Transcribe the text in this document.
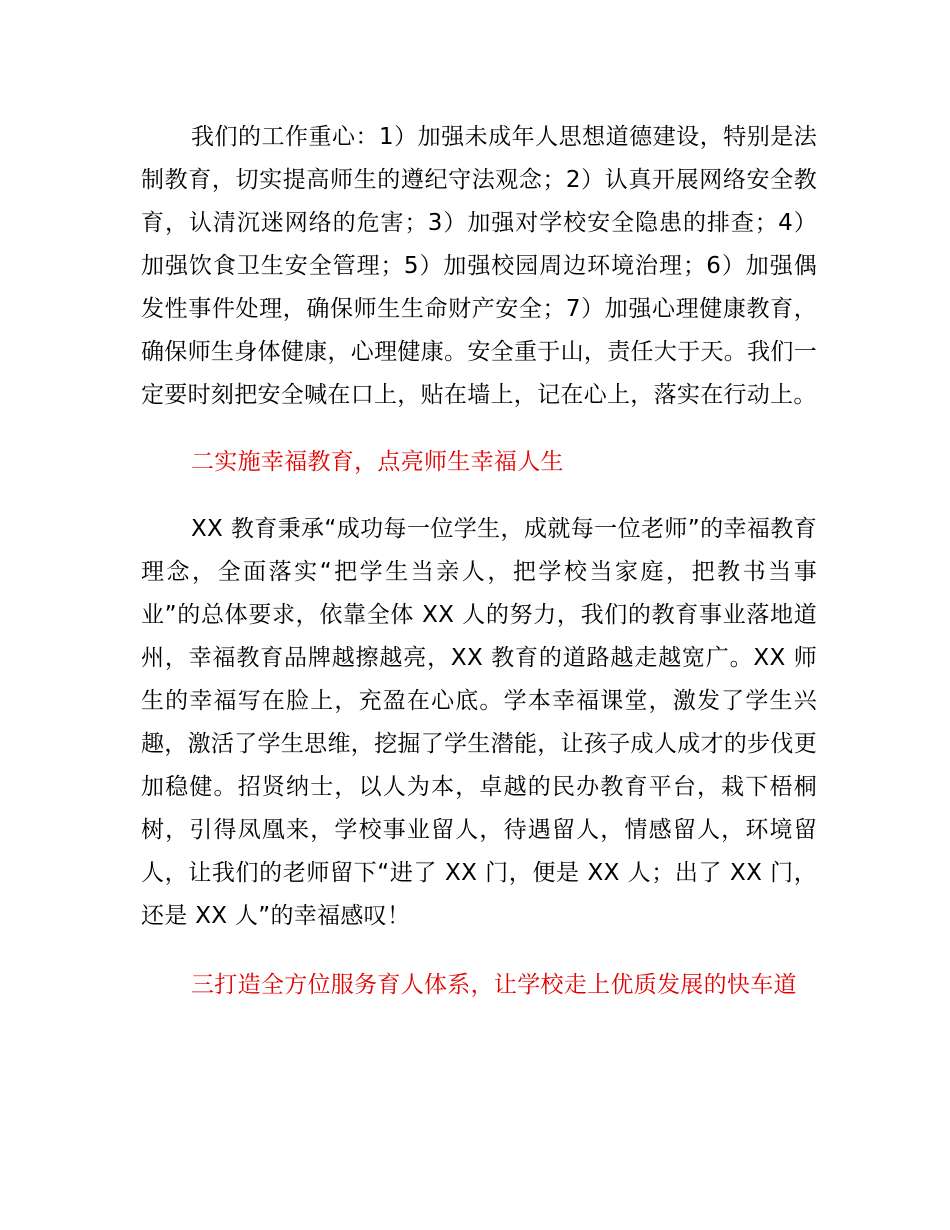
我们的工作重心：1）加强未成年人思想道德建设，特别是法制教育，切实提高师生的遵纪守法观念；2）认真开展网络安全教育，认清沉迷网络的危害；3）加强对学校安全隐患的排查；4）加强饮食卫生安全管理；5）加强校园周边环境治理；6）加强偶发性事件处理，确保师生生命财产安全；7）加强心理健康教育，确保师生身体健康，心理健康。安全重于山，责任大于天。我们一定要时刻把安全喊在口上，贴在墙上，记在心上，落实在行动上。

二实施幸福教育，点亮师生幸福人生

XX 教育秉承“成功每一位学生，成就每一位老师”的幸福教育理念，全面落实“把学生当亲人，把学校当家庭，把教书当事业”的总体要求，依靠全体 XX 人的努力，我们的教育事业落地道州，幸福教育品牌越擦越亮，XX 教育的道路越走越宽广。XX 师生的幸福写在脸上，充盈在心底。学本幸福课堂，激发了学生兴趣，激活了学生思维，挖掘了学生潜能，让孩子成人成才的步伐更加稳健。招贤纳士，以人为本，卓越的民办教育平台，栽下梧桐树，引得凤凰来，学校事业留人，待遇留人，情感留人，环境留人，让我们的老师留下“进了 XX 门，便是 XX 人；出了 XX 门，还是 XX 人”的幸福感叹！

三打造全方位服务育人体系，让学校走上优质发展的快车道
